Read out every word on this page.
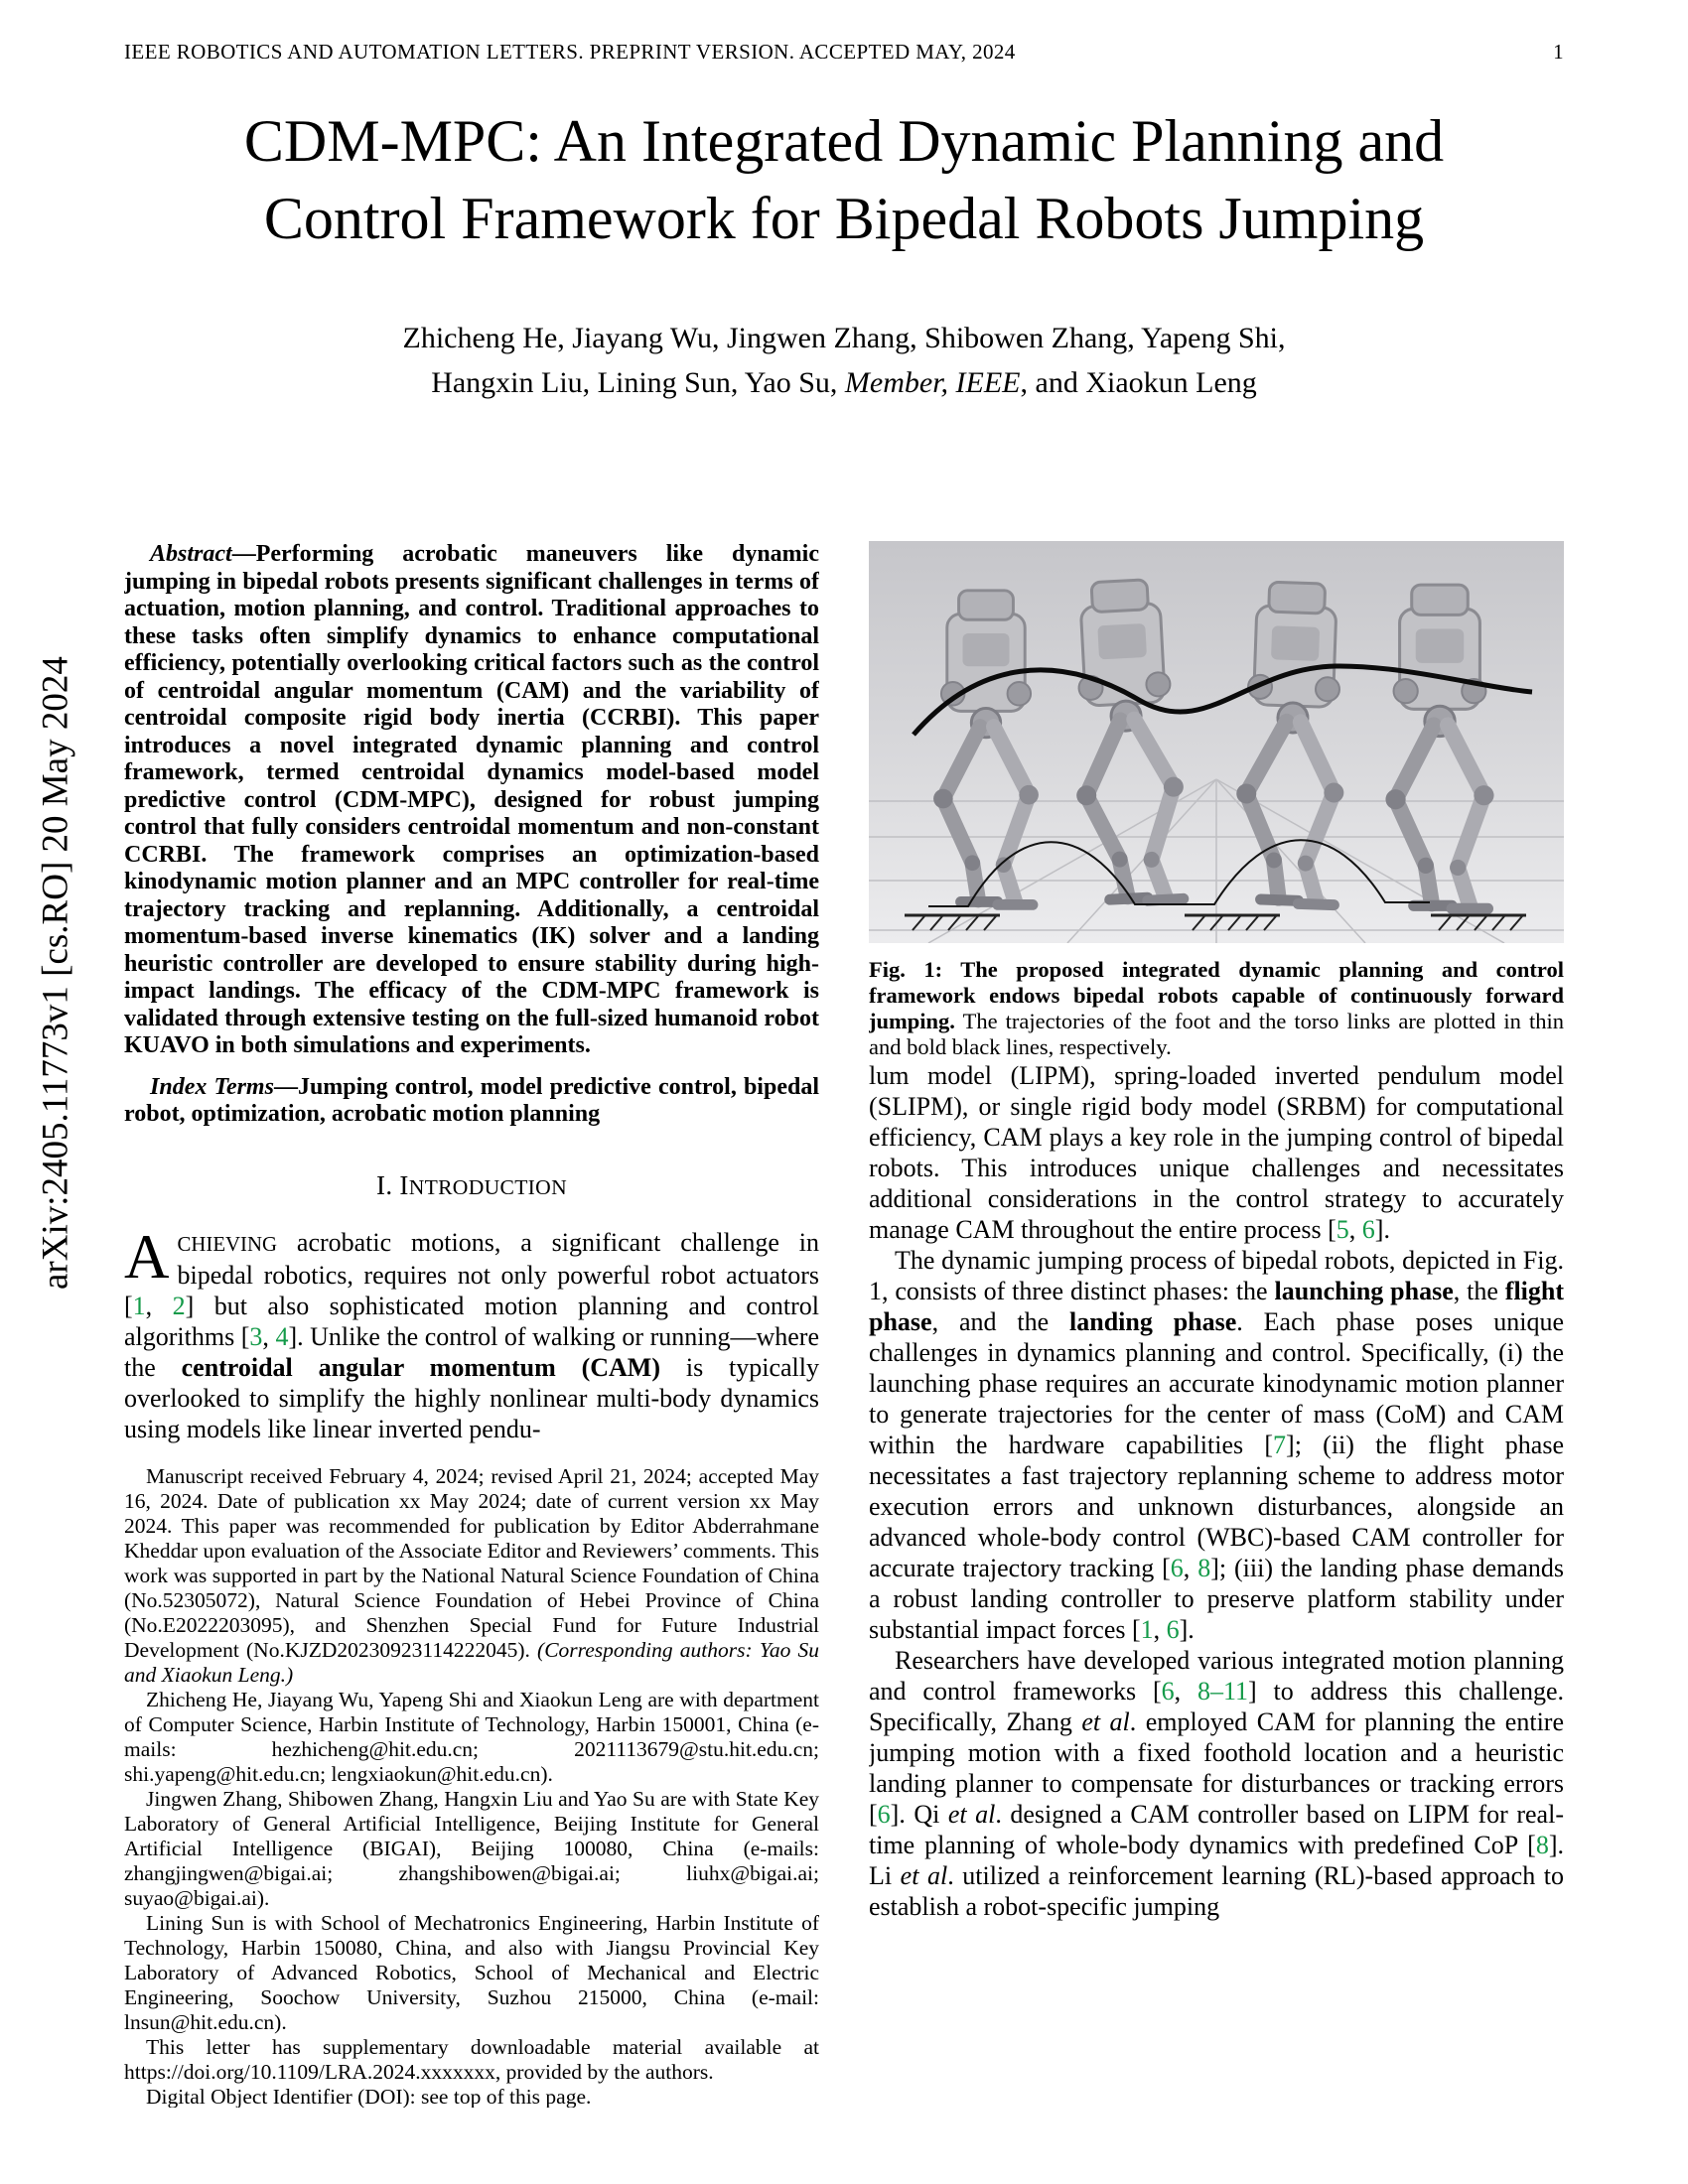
IEEE ROBOTICS AND AUTOMATION LETTERS. PREPRINT VERSION. ACCEPTED MAY, 2024	1
arXiv:2405.11773v1 [cs.RO] 20 May 2024
CDM-MPC: An Integrated Dynamic Planning and
Control Framework for Bipedal Robots Jumping
Zhicheng He, Jiayang Wu, Jingwen Zhang, Shibowen Zhang, Yapeng Shi,
Hangxin Liu, Lining Sun, Yao Su, Member, IEEE, and Xiaokun Leng

Abstract—Performing acrobatic maneuvers like dynamic jumping in bipedal robots presents significant challenges in terms of actuation, motion planning, and control. Traditional approaches to these tasks often simplify dynamics to enhance computational efficiency, potentially overlooking critical factors such as the control of centroidal angular momentum (CAM) and the variability of centroidal composite rigid body inertia (CCRBI). This paper introduces a novel integrated dynamic planning and control framework, termed centroidal dynamics model-based model predictive control (CDM-MPC), designed for robust jumping control that fully considers centroidal momentum and non-constant CCRBI. The framework comprises an optimization-based kinodynamic motion planner and an MPC controller for real-time trajectory tracking and replanning. Additionally, a centroidal momentum-based inverse kinematics (IK) solver and a landing heuristic controller are developed to ensure stability during high-impact landings. The efficacy of the CDM-MPC framework is validated through extensive testing on the full-sized humanoid robot KUAVO in both simulations and experiments.

Index Terms—Jumping control, model predictive control, bipedal robot, optimization, acrobatic motion planning

I. INTRODUCTION

ACHIEVING acrobatic motions, a significant challenge in bipedal robotics, requires not only powerful robot actuators [1, 2] but also sophisticated motion planning and control algorithms [3, 4]. Unlike the control of walking or running—where the centroidal angular momentum (CAM) is typically overlooked to simplify the highly nonlinear multi-body dynamics using models like linear inverted pendu-

Manuscript received February 4, 2024; revised April 21, 2024; accepted May 16, 2024. Date of publication xx May 2024; date of current version xx May 2024. This paper was recommended for publication by Editor Abderrahmane Kheddar upon evaluation of the Associate Editor and Reviewers’ comments. This work was supported in part by the National Natural Science Foundation of China (No.52305072), Natural Science Foundation of Hebei Province of China (No.E2022203095), and Shenzhen Special Fund for Future Industrial Development (No.KJZD20230923114222045). (Corresponding authors: Yao Su and Xiaokun Leng.)

Zhicheng He, Jiayang Wu, Yapeng Shi and Xiaokun Leng are with department of Computer Science, Harbin Institute of Technology, Harbin 150001, China (e-mails: hezhicheng@hit.edu.cn; 2021113679@stu.hit.edu.cn; shi.yapeng@hit.edu.cn; lengxiaokun@hit.edu.cn).

Jingwen Zhang, Shibowen Zhang, Hangxin Liu and Yao Su are with State Key Laboratory of General Artificial Intelligence, Beijing Institute for General Artificial Intelligence (BIGAI), Beijing 100080, China (e-mails: zhangjingwen@bigai.ai; zhangshibowen@bigai.ai; liuhx@bigai.ai; suyao@bigai.ai).

Lining Sun is with School of Mechatronics Engineering, Harbin Institute of Technology, Harbin 150080, China, and also with Jiangsu Provincial Key Laboratory of Advanced Robotics, School of Mechanical and Electric Engineering, Soochow University, Suzhou 215000, China (e-mail: lnsun@hit.edu.cn).

This letter has supplementary downloadable material available at https://doi.org/10.1109/LRA.2024.xxxxxxx, provided by the authors.

Digital Object Identifier (DOI): see top of this page.

Fig. 1: The proposed integrated dynamic planning and control framework endows bipedal robots capable of continuously forward jumping. The trajectories of the foot and the torso links are plotted in thin and bold black lines, respectively.

lum model (LIPM), spring-loaded inverted pendulum model (SLIPM), or single rigid body model (SRBM) for computational efficiency, CAM plays a key role in the jumping control of bipedal robots. This introduces unique challenges and necessitates additional considerations in the control strategy to accurately manage CAM throughout the entire process [5, 6].

The dynamic jumping process of bipedal robots, depicted in Fig. 1, consists of three distinct phases: the launching phase, the flight phase, and the landing phase. Each phase poses unique challenges in dynamics planning and control. Specifically, (i) the launching phase requires an accurate kinodynamic motion planner to generate trajectories for the center of mass (CoM) and CAM within the hardware capabilities [7]; (ii) the flight phase necessitates a fast trajectory replanning scheme to address motor execution errors and unknown disturbances, alongside an advanced whole-body control (WBC)-based CAM controller for accurate trajectory tracking [6, 8]; (iii) the landing phase demands a robust landing controller to preserve platform stability under substantial impact forces [1, 6].

Researchers have developed various integrated motion planning and control frameworks [6, 8–11] to address this challenge. Specifically, Zhang et al. employed CAM for planning the entire jumping motion with a fixed foothold location and a heuristic landing planner to compensate for disturbances or tracking errors [6]. Qi et al. designed a CAM controller based on LIPM for real-time planning of whole-body dynamics with predefined CoP [8]. Li et al. utilized a reinforcement learning (RL)-based approach to establish a robot-specific jumping
